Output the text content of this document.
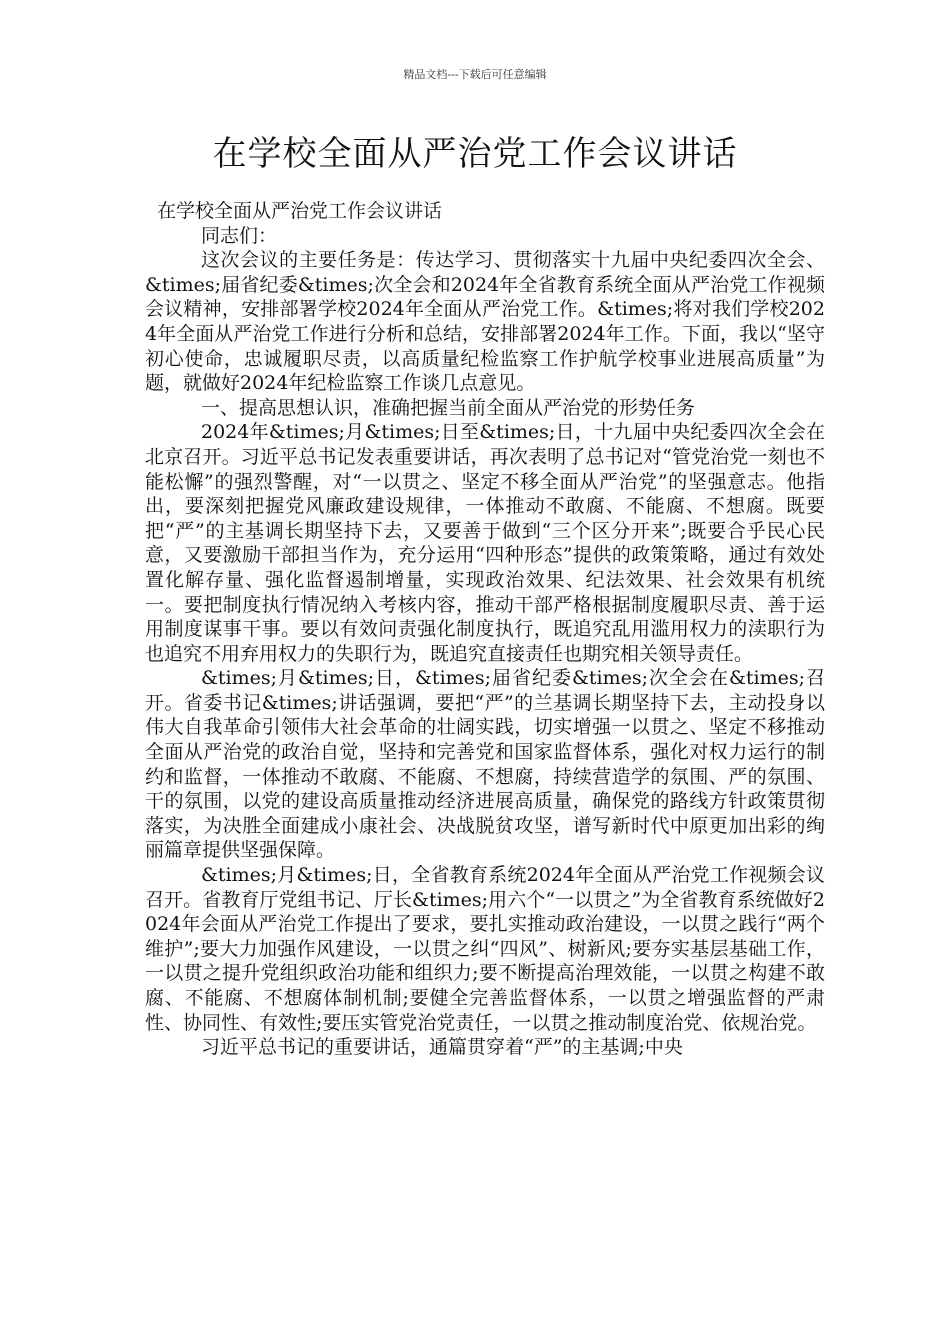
精品文档---下载后可任意编辑
在学校全面从严治党工作会议讲话

在学校全面从严治党工作会议讲话

同志们：

这次会议的主要任务是：传达学习、贯彻落实十九届中央纪委四次全会、&times;届省纪委&times;次全会和2024年全省教育系统全面从严治党工作视频会议精神，安排部署学校2024年全面从严治党工作。&times;将对我们学校2024年全面从严治党工作进行分析和总结，安排部署2024年工作。下面，我以“坚守初心使命，忠诚履职尽责，以高质量纪检监察工作护航学校事业进展高质量”为题，就做好2024年纪检监察工作谈几点意见。

一、提高思想认识，准确把握当前全面从严治党的形势任务

2024年&times;月&times;日至&times;日，十九届中央纪委四次全会在北京召开。习近平总书记发表重要讲话，再次表明了总书记对“管党治党一刻也不能松懈”的强烈警醒，对“一以贯之、坚定不移全面从严治党”的坚强意志。他指出，要深刻把握党风廉政建设规律，一体推动不敢腐、不能腐、不想腐。既要把“严”的主基调长期坚持下去，又要善于做到“三个区分开来”;既要合乎民心民意，又要激励干部担当作为，充分运用“四种形态”提供的政策策略，通过有效处置化解存量、强化监督遏制增量，实现政治效果、纪法效果、社会效果有机统一。要把制度执行情况纳入考核内容，推动干部严格根据制度履职尽责、善于运用制度谋事干事。要以有效问责强化制度执行，既追究乱用滥用权力的渎职行为也追究不用弃用权力的失职行为，既追究直接责任也期究相关领导责任。

&times;月&times;日，&times;届省纪委&times;次全会在&times;召开。省委书记&times;讲话强调，要把“严”的兰基调长期坚持下去，主动投身以伟大自我革命引领伟大社会革命的壮阔实践，切实增强一以贯之、坚定不移推动全面从严治党的政治自觉，坚持和完善党和国家监督体系，强化对权力运行的制约和监督，一体推动不敢腐、不能腐、不想腐，持续营造学的氛围、严的氛围、干的氛围，以党的建设高质量推动经济进展高质量，确保党的路线方针政策贯彻落实，为决胜全面建成小康社会、决战脱贫攻坚，谱写新时代中原更加出彩的绚丽篇章提供坚强保障。

&times;月&times;日，全省教育系统2024年全面从严治党工作视频会议召开。省教育厅党组书记、厅长&times;用六个“一以贯之”为全省教育系统做好2024年会面从严治党工作提出了要求，要扎实推动政治建设，一以贯之践行“两个维护”;要大力加强作风建设，一以贯之纠“四风”、树新风;要夯实基层基础工作，一以贯之提升党组织政治功能和组织力;要不断提高治理效能，一以贯之构建不敢腐、不能腐、不想腐体制机制;要健全完善监督体系，一以贯之增强监督的严肃性、协同性、有效性;要压实管党治党责任，一以贯之推动制度治党、依规治党。

习近平总书记的重要讲话，通篇贯穿着“严”的主基调;中央
